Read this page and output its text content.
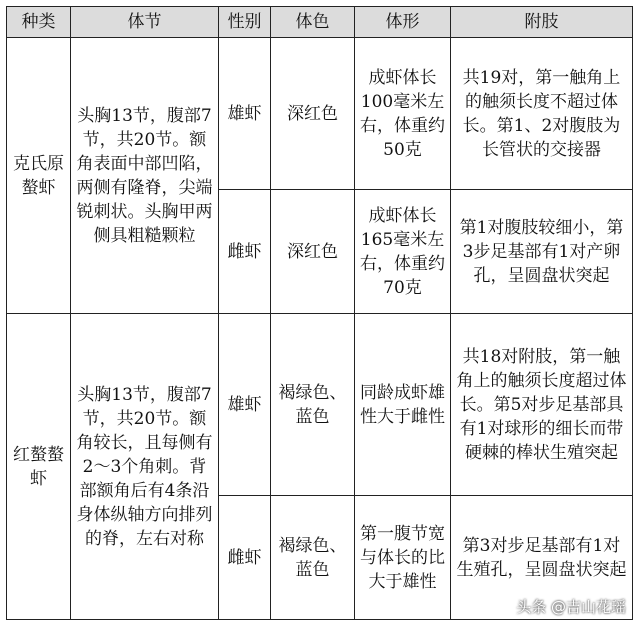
种类	体节	性别	体色	体形	附肢
克氏原螯虾	头胸13节，腹部7节，共20节。额角表面中部凹陷，两侧有隆脊，尖端锐刺状。头胸甲两侧具粗糙颗粒	雄虾	深红色	成虾体长100毫米左右，体重约50克	共19对，第一触角上的触须长度不超过体长。第1、2对腹肢为长管状的交接器
		雌虾	深红色	成虾体长165毫米左右，体重约70克	第1对腹肢较细小，第3步足基部有1对产卵孔，呈圆盘状突起
红螯螯虾	头胸13节，腹部7节，共20节。额角较长，且每侧有2～3个角刺。背部额角后有4条沿身体纵轴方向排列的脊，左右对称	雄虾	褐绿色、蓝色	同龄成虾雄性大于雌性	共18对附肢，第一触角上的触须长度超过体长。第5对步足基部具有1对球形的细长而带硬棘的棒状生殖突起
		雌虾	褐绿色、蓝色	第一腹节宽与体长的比大于雄性	第3对步足基部有1对生殖孔，呈圆盘状突起
头条 @吉山花瑶
